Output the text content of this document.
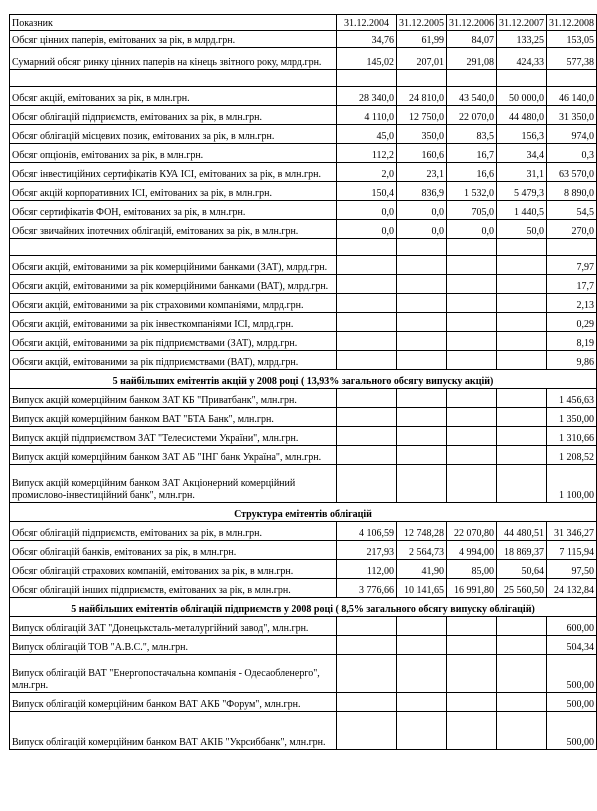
Показник	31.12.2004	31.12.2005	31.12.2006	31.12.2007	31.12.2008
Обсяг цінних паперів, емітованих за рік, в млрд.грн.	34,76	61,99	84,07	133,25	153,05
Сумарний обсяг ринку цінних паперів на кінець звітного року, млрд.грн.	145,02	207,01	291,08	424,33	577,38

Обсяг акцій, емітованих за рік, в млн.грн.	28 340,0	24 810,0	43 540,0	50 000,0	46 140,0
Обсяг облігацій підприємств, емітованих за рік, в млн.грн.	4 110,0	12 750,0	22 070,0	44 480,0	31 350,0
Обсяг облігацій місцевих позик, емітованих за рік, в млн.грн.	45,0	350,0	83,5	156,3	974,0
Обсяг опціонів, емітованих за рік, в млн.грн.	112,2	160,6	16,7	34,4	0,3
Обсяг інвестиційних сертифікатів КУА ІСІ, емітованих за рік, в млн.грн.	2,0	23,1	16,6	31,1	63 570,0
Обсяг акцій корпоративних ІСІ, емітованих за рік, в млн.грн.	150,4	836,9	1 532,0	5 479,3	8 890,0
Обсяг сертифікатів ФОН, емітованих за рік, в млн.грн.	0,0	0,0	705,0	1 440,5	54,5
Обсяг звичайних іпотечних облігацій, емітованих за рік, в млн.грн.	0,0	0,0	0,0	50,0	270,0

Обсяги акцій, емітованими за рік комерційними банками (ЗАТ), млрд.грн.					7,97
Обсяги акцій, емітованими за рік комерційними банками (ВАТ), млрд.грн.					17,7
Обсяги акцій, емітованими за рік страховими компаніями, млрд.грн.					2,13
Обсяги акцій, емітованими за рік інвесткомпаніями ІСІ, млрд.грн.					0,29
Обсяги акцій, емітованими за рік підприємствами (ЗАТ), млрд.грн.					8,19
Обсяги акцій, емітованими за рік підприємствами (ВАТ), млрд.грн.					9,86
5 найбільших емітентів акцій у 2008 році ( 13,93% загального обсягу випуску акцій)					
Випуск акцій комерційним банком ЗАТ КБ "Приватбанк", млн.грн.					1 456,63
Випуск акцій комерційним банком ВАТ "БТА Банк", млн.грн.					1 350,00
Випуск акцій підприємством ЗАТ "Телесистеми України", млн.грн.					1 310,66
Випуск акцій комерційним банком ЗАТ АБ "ІНГ банк Україна", млн.грн.					1 208,52
Випуск акцій комерційним банком ЗАТ Акціонерний комерційний промислово-інвестиційний банк", млн.грн.					1 100,00
Структура емітентів облігацій					
Обсяг облігацій підприємств, емітованих за рік, в млн.грн.	4 106,59	12 748,28	22 070,80	44 480,51	31 346,27
Обсяг облігацій банків, емітованих за рік, в млн.грн.	217,93	2 564,73	4 994,00	18 869,37	7 115,94
Обсяг облігацій страхових компаній, емітованих за рік, в млн.грн.	112,00	41,90	85,00	50,64	97,50
Обсяг облігацій інших підприємств, емітованих за рік, в млн.грн.	3 776,66	10 141,65	16 991,80	25 560,50	24 132,84
5 найбільших емітентів облігацій підприємств у 2008 році ( 8,5% загального обсягу випуску облігацій)					
Випуск облігацій ЗАТ "Донецьксталь-металургійний завод", млн.грн.					600,00
Випуск облігацій ТОВ "А.В.С.", млн.грн.					504,34
Випуск облігацій ВАТ "Енергопостачальна компанія - Одесаобленерго", млн.грн.					500,00
Випуск облігацій комерційним банком ВАТ АКБ "Форум", млн.грн.					500,00
Випуск облігацій комерційним банком ВАТ АКІБ "Укрсиббанк", млн.грн.					500,00
